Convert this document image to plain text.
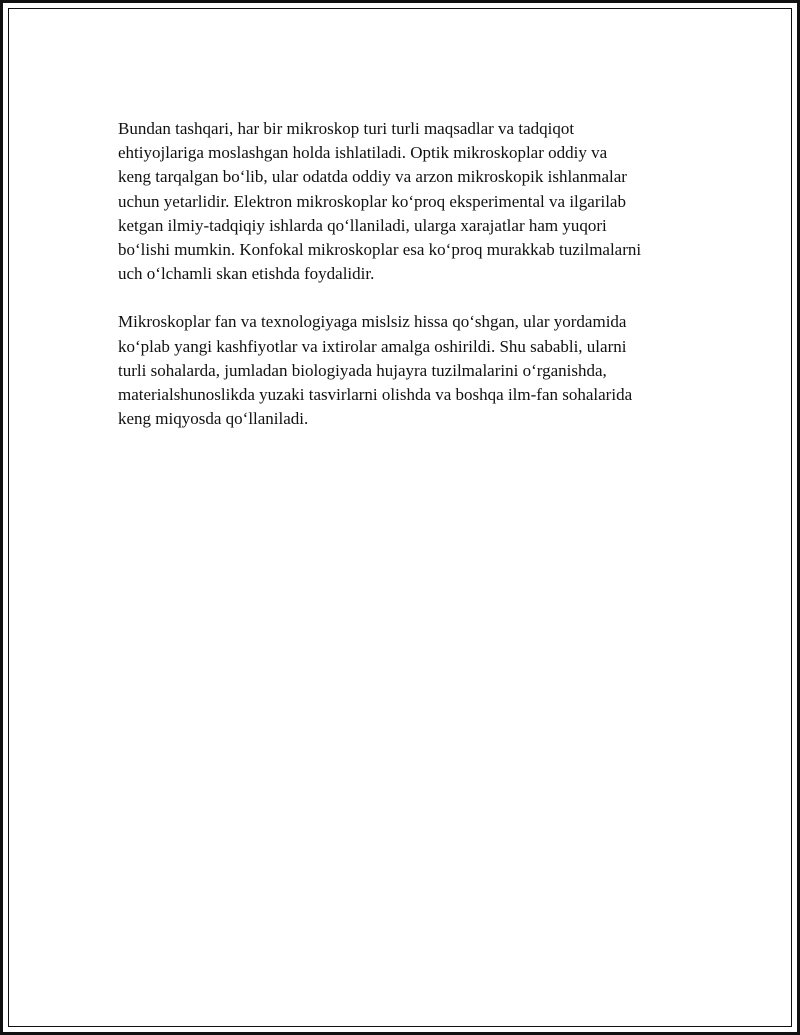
Bundan tashqari, har bir mikroskop turi turli maqsadlar va tadqiqot
ehtiyojlariga moslashgan holda ishlatiladi. Optik mikroskoplar oddiy va
keng tarqalgan bo‘lib, ular odatda oddiy va arzon mikroskopik ishlanmalar
uchun yetarlidir. Elektron mikroskoplar ko‘proq eksperimental va ilgarilab
ketgan ilmiy-tadqiqiy ishlarda qo‘llaniladi, ularga xarajatlar ham yuqori
bo‘lishi mumkin. Konfokal mikroskoplar esa ko‘proq murakkab tuzilmalarni
uch o‘lchamli skan etishda foydalidir.

Mikroskoplar fan va texnologiyaga mislsiz hissa qo‘shgan, ular yordamida
ko‘plab yangi kashfiyotlar va ixtirolar amalga oshirildi. Shu sababli, ularni
turli sohalarda, jumladan biologiyada hujayra tuzilmalarini o‘rganishda,
materialshunoslikda yuzaki tasvirlarni olishda va boshqa ilm-fan sohalarida
keng miqyosda qo‘llaniladi.
